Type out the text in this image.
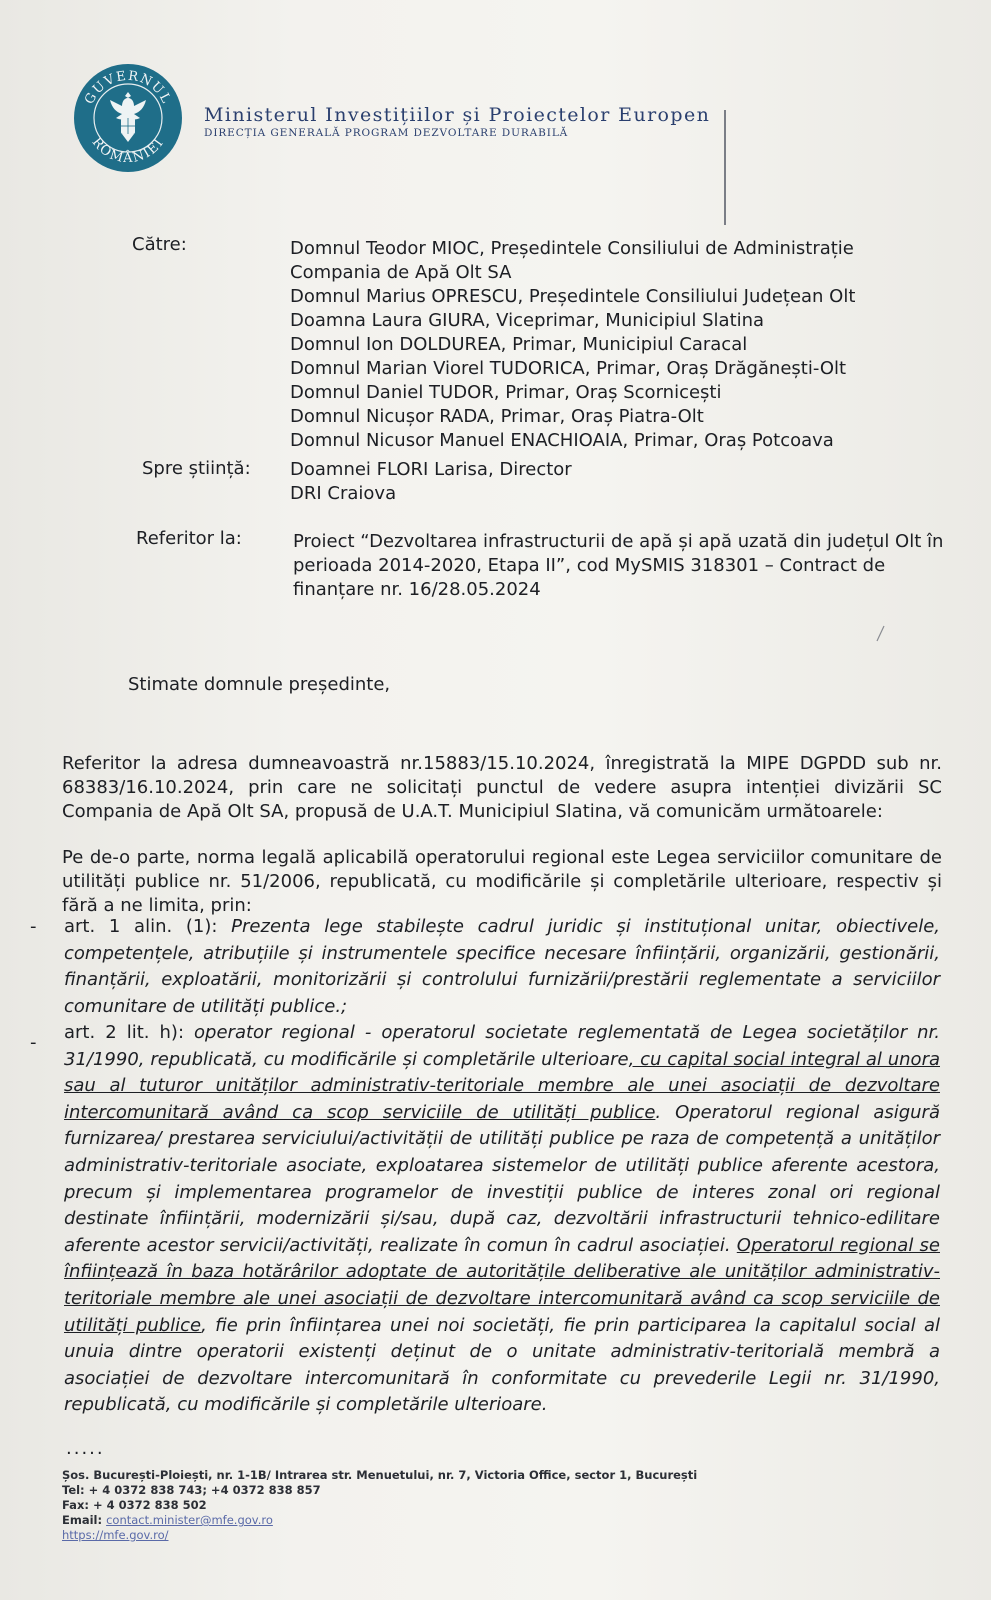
GUVERNUL
ROMÂNIEI
Ministerul Investițiilor și Proiectelor Europen
DIRECȚIA GENERALĂ PROGRAM DEZVOLTARE DURABILĂ
Către:	Domnul Teodor MIOC, Președintele Consiliului de Administrație
Compania de Apă Olt SA
Domnul Marius OPRESCU, Președintele Consiliului Județean Olt
Doamna Laura GIURA, Viceprimar, Municipiul Slatina
Domnul Ion DOLDUREA, Primar, Municipiul Caracal
Domnul Marian Viorel TUDORICA, Primar, Oraș Drăgănești-Olt
Domnul Daniel TUDOR, Primar, Oraș Scornicești
Domnul Nicușor RADA, Primar, Oraș Piatra-Olt
Domnul Nicusor Manuel ENACHIOAIA, Primar, Oraș Potcoava
Spre știință: Doamnei FLORI Larisa, Director
DRI Craiova
Referitor la:	Proiect “Dezvoltarea infrastructurii de apă și apă uzată din județul Olt în perioada 2014-2020, Etapa II”, cod MySMIS 318301 – Contract de finanțare nr. 16/28.05.2024
Stimate domnule președinte,
Referitor la adresa dumneavoastră nr.15883/15.10.2024, înregistrată la MIPE DGPDD sub nr. 68383/16.10.2024, prin care ne solicitați punctul de vedere asupra intenției divizării SC Compania de Apă Olt SA, propusă de U.A.T. Municipiul Slatina, vă comunicăm următoarele:
Pe de-o parte, norma legală aplicabilă operatorului regional este Legea serviciilor comunitare de utilități publice nr. 51/2006, republicată, cu modificările și completările ulterioare, respectiv și fără a ne limita, prin:
- art. 1 alin. (1): Prezenta lege stabilește cadrul juridic și instituțional unitar, obiectivele, competențele, atribuțiile și instrumentele specifice necesare înființării, organizării, gestionării, finanțării, exploatării, monitorizării și controlului furnizării/prestării reglementate a serviciilor comunitare de utilități publice.;
- art. 2 lit. h): operator regional - operatorul societate reglementată de Legea societăților nr. 31/1990, republicată, cu modificările și completările ulterioare, cu capital social integral al unora sau al tuturor unităților administrativ-teritoriale membre ale unei asociații de dezvoltare intercomunitară având ca scop serviciile de utilități publice. Operatorul regional asigură furnizarea/ prestarea serviciului/activității de utilități publice pe raza de competență a unităților administrativ-teritoriale asociate, exploatarea sistemelor de utilități publice aferente acestora, precum și implementarea programelor de investiții publice de interes zonal ori regional destinate înființării, modernizării și/sau, după caz, dezvoltării infrastructurii tehnico-edilitare aferente acestor servicii/activități, realizate în comun în cadrul asociației. Operatorul regional se înființează în baza hotărârilor adoptate de autoritățile deliberative ale unităților administrativ-teritoriale membre ale unei asociații de dezvoltare intercomunitară având ca scop serviciile de utilități publice, fie prin înființarea unei noi societăți, fie prin participarea la capitalul social al unuia dintre operatorii existenți deținut de o unitate administrativ-teritorială membră a asociației de dezvoltare intercomunitară în conformitate cu prevederile Legii nr. 31/1990, republicată, cu modificările și completările ulterioare.
.....
Șos. București-Ploiești, nr. 1-1B/ Intrarea str. Menuetului, nr. 7, Victoria Office, sector 1, București
Tel: + 4 0372 838 743; +4 0372 838 857
Fax: + 4 0372 838 502
Email: contact.minister@mfe.gov.ro
https://mfe.gov.ro/
